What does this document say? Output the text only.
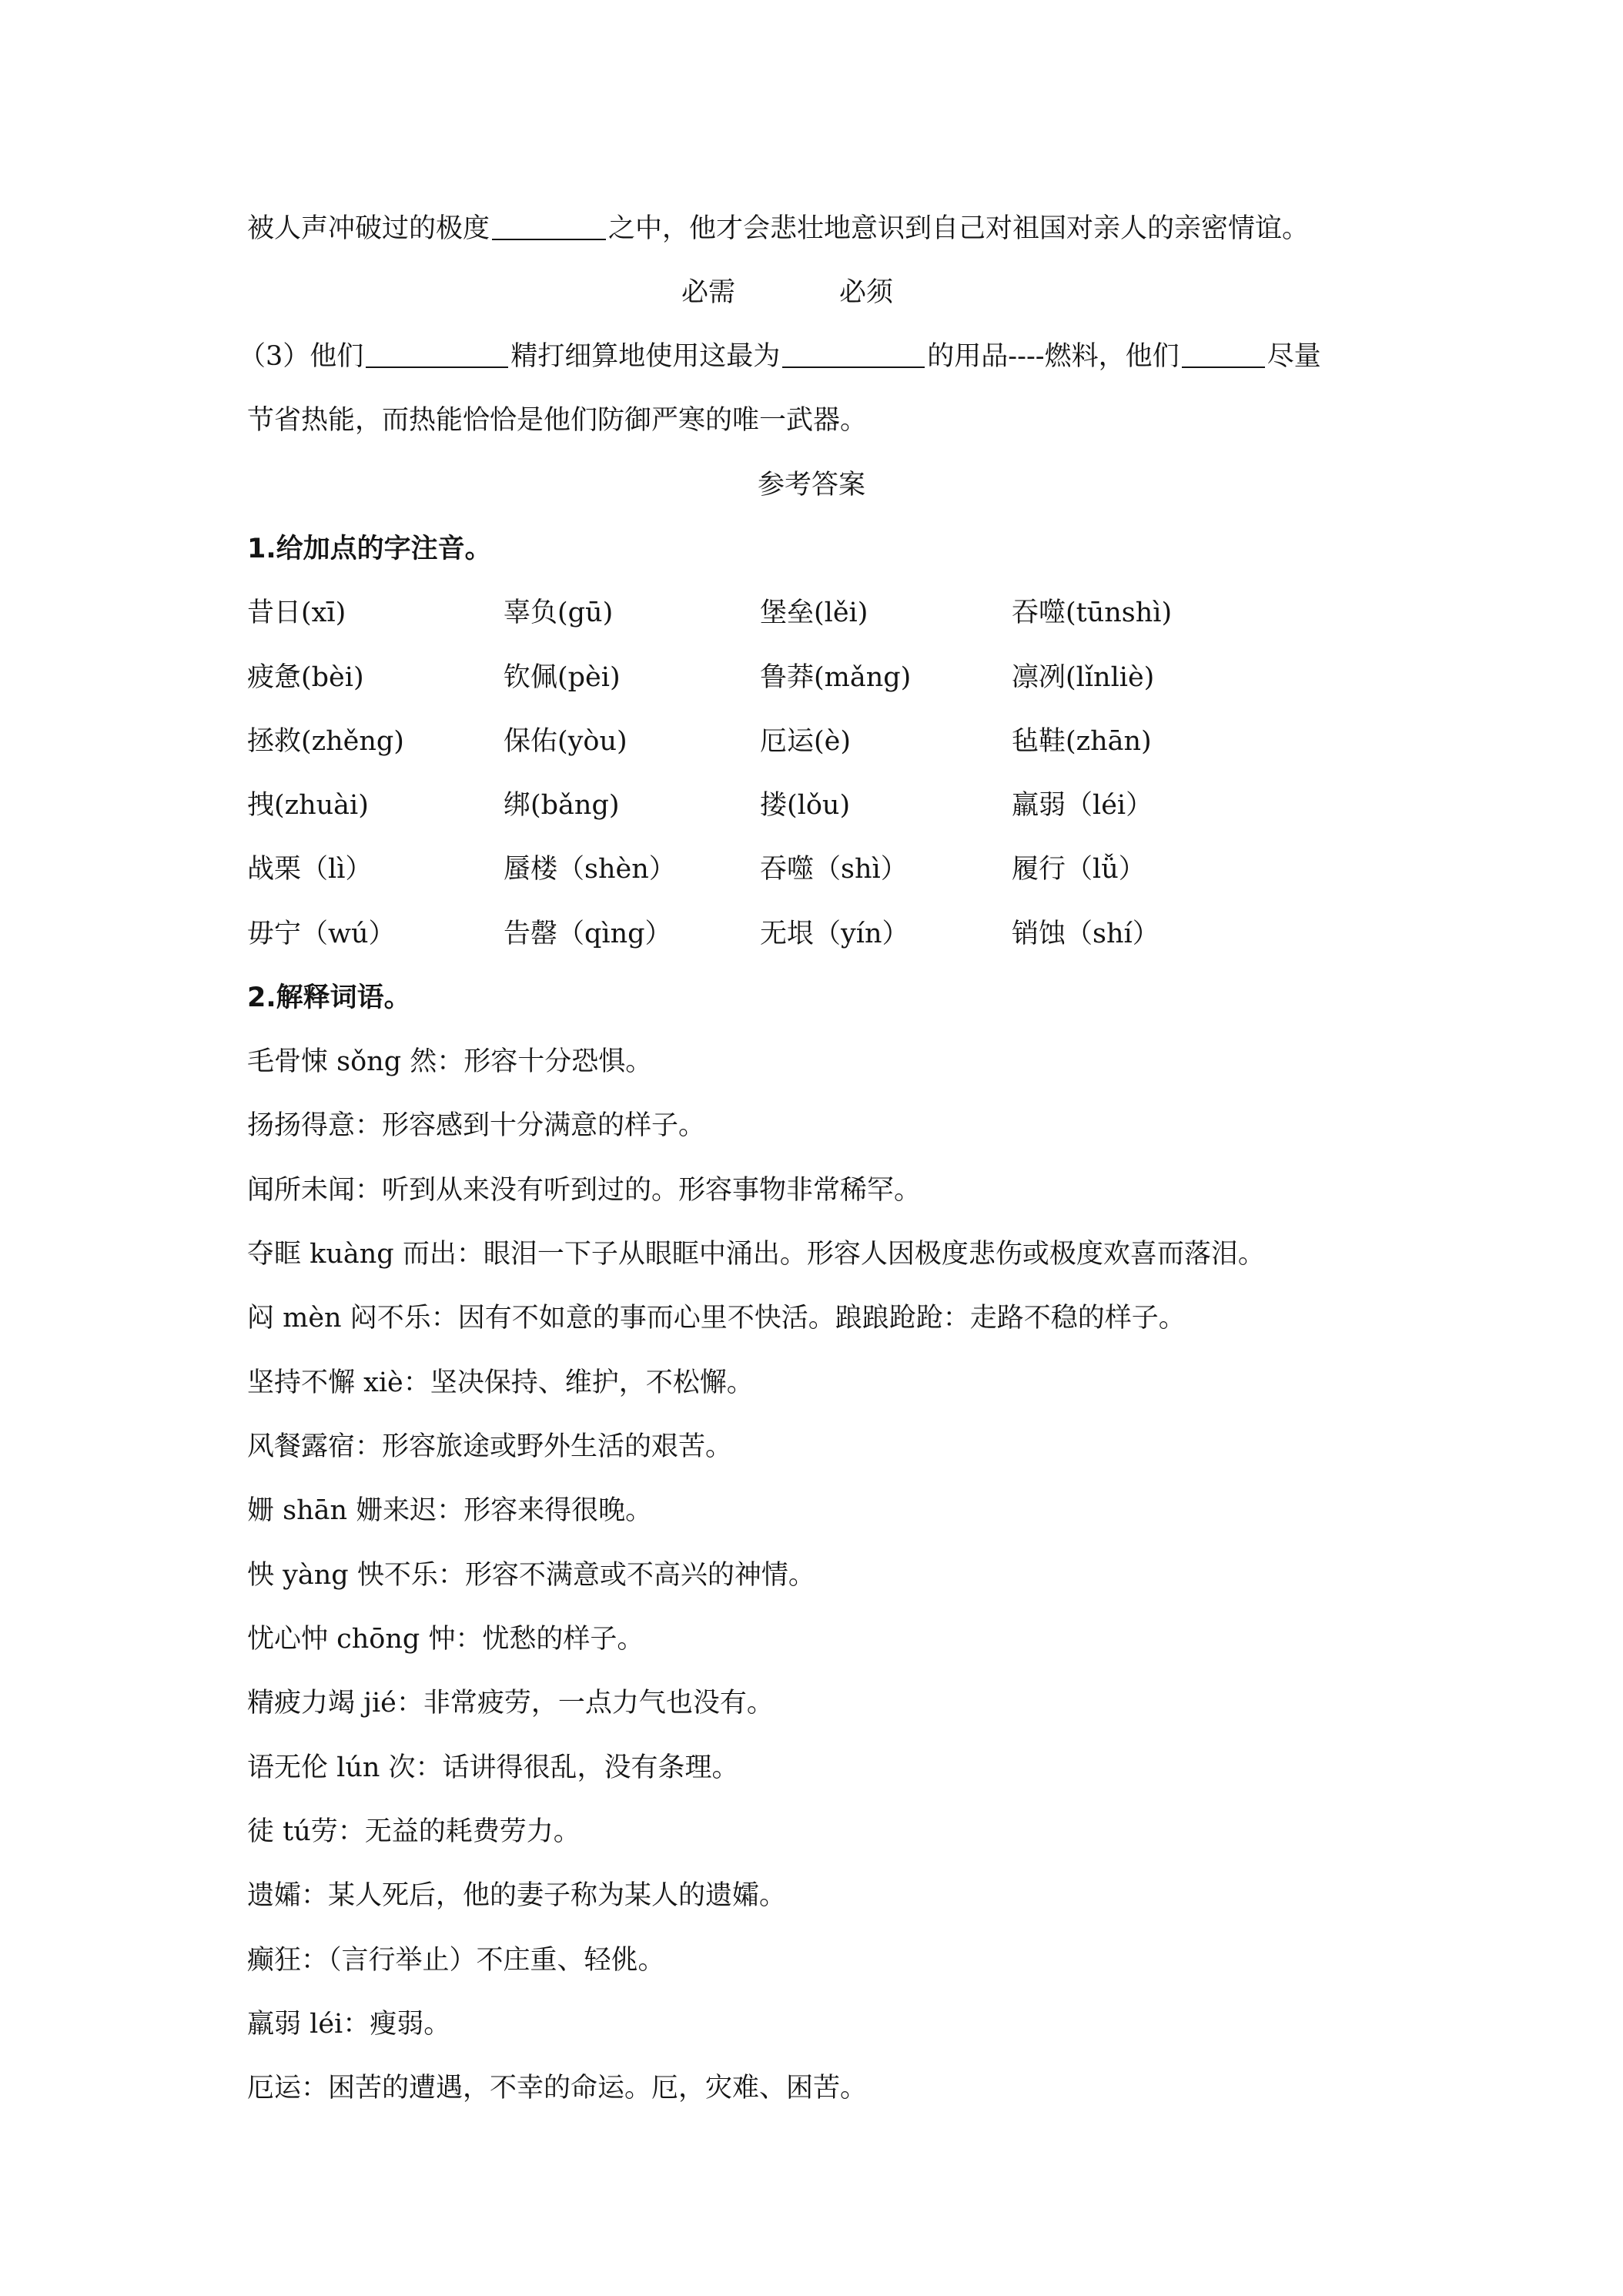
被人声冲破过的极度	之中，他才会悲壮地意识到自己对祖国对亲人的亲密情谊。
必需	必须
（3）他们	精打细算地使用这最为	的用品----燃料，他们	尽量
节省热能，而热能恰恰是他们防御严寒的唯一武器。
参考答案
1.给加点的字注音。
昔日(xī)	辜负(gū)	堡垒(lěi)	吞噬(tūnshì)
疲惫(bèi)	钦佩(pèi)	鲁莽(mǎng)	凛冽(lǐnliè)
拯救(zhěng)	保佑(yòu)	厄运(è)	毡鞋(zhān)
拽(zhuài)	绑(bǎng)	搂(lǒu)	羸弱（léi）
战栗（lì）	蜃楼（shèn）	吞噬（shì）	履行（lǚ）
毋宁（wú）	告罄（qìng）	无垠（yín）	销蚀（shí）
2.解释词语。
毛骨悚 sǒng 然：形容十分恐惧。
扬扬得意：形容感到十分满意的样子。
闻所未闻：听到从来没有听到过的。形容事物非常稀罕。
夺眶 kuàng 而出：眼泪一下子从眼眶中涌出。形容人因极度悲伤或极度欢喜而落泪。
闷 mèn 闷不乐：因有不如意的事而心里不快活。踉踉跄跄：走路不稳的样子。
坚持不懈 xiè：坚决保持、维护，不松懈。
风餐露宿：形容旅途或野外生活的艰苦。
姗 shān 姗来迟：形容来得很晚。
怏 yàng 怏不乐：形容不满意或不高兴的神情。
忧心忡 chōng 忡：忧愁的样子。
精疲力竭 jié：非常疲劳，一点力气也没有。
语无伦 lún 次：话讲得很乱，没有条理。
徒 tú劳：无益的耗费劳力。
遗孀：某人死后，他的妻子称为某人的遗孀。
癫狂：（言行举止）不庄重、轻佻。
羸弱 léi：瘦弱。
厄运：困苦的遭遇，不幸的命运。厄，灾难、困苦。
